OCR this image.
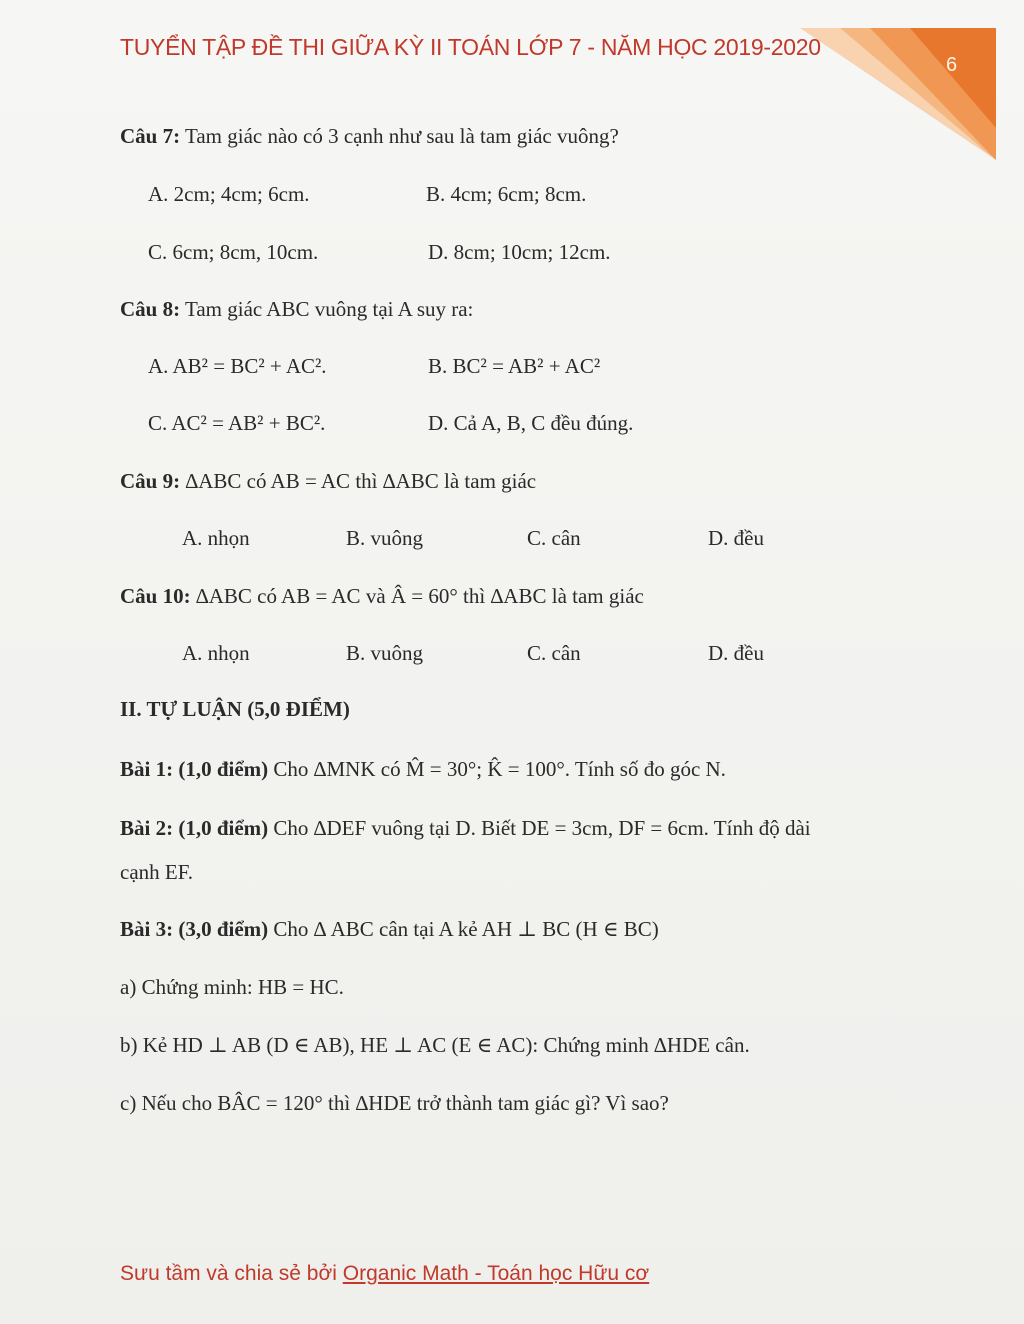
TUYỂN TẬP ĐỀ THI GIỮA KỲ II TOÁN LỚP 7 - NĂM HỌC 2019-2020
6
Câu 7: Tam giác nào có 3 cạnh như sau là tam giác vuông?
A. 2cm; 4cm; 6cm.	B. 4cm; 6cm; 8cm.
C. 6cm; 8cm, 10cm.	D. 8cm; 10cm; 12cm.
Câu 8: Tam giác ABC vuông tại A suy ra:
A. AB² = BC² + AC².	B. BC² = AB² + AC²
C. AC² = AB² + BC².	D. Cả A, B, C đều đúng.
Câu 9: ∆ABC có AB = AC thì ∆ABC là tam giác
A. nhọn	B. vuông	C. cân	D. đều
Câu 10: ∆ABC có AB = AC và Â = 60° thì ∆ABC là tam giác
A. nhọn	B. vuông	C. cân	D. đều
II. TỰ LUẬN (5,0 ĐIỂM)
Bài 1: (1,0 điểm) Cho ∆MNK có M̂ = 30°; K̂ = 100°. Tính số đo góc N.
Bài 2: (1,0 điểm) Cho ∆DEF vuông tại D. Biết DE = 3cm, DF = 6cm. Tính độ dài
cạnh EF.
Bài 3: (3,0 điểm) Cho ∆ ABC cân tại A kẻ AH ⊥ BC (H ∈ BC)
a) Chứng minh: HB = HC.
b) Kẻ HD ⊥ AB (D ∈ AB), HE ⊥ AC (E ∈ AC): Chứng minh ∆HDE cân.
c) Nếu cho BÂC = 120° thì ∆HDE trở thành tam giác gì? Vì sao?
Sưu tầm và chia sẻ bởi Organic Math - Toán học Hữu cơ
